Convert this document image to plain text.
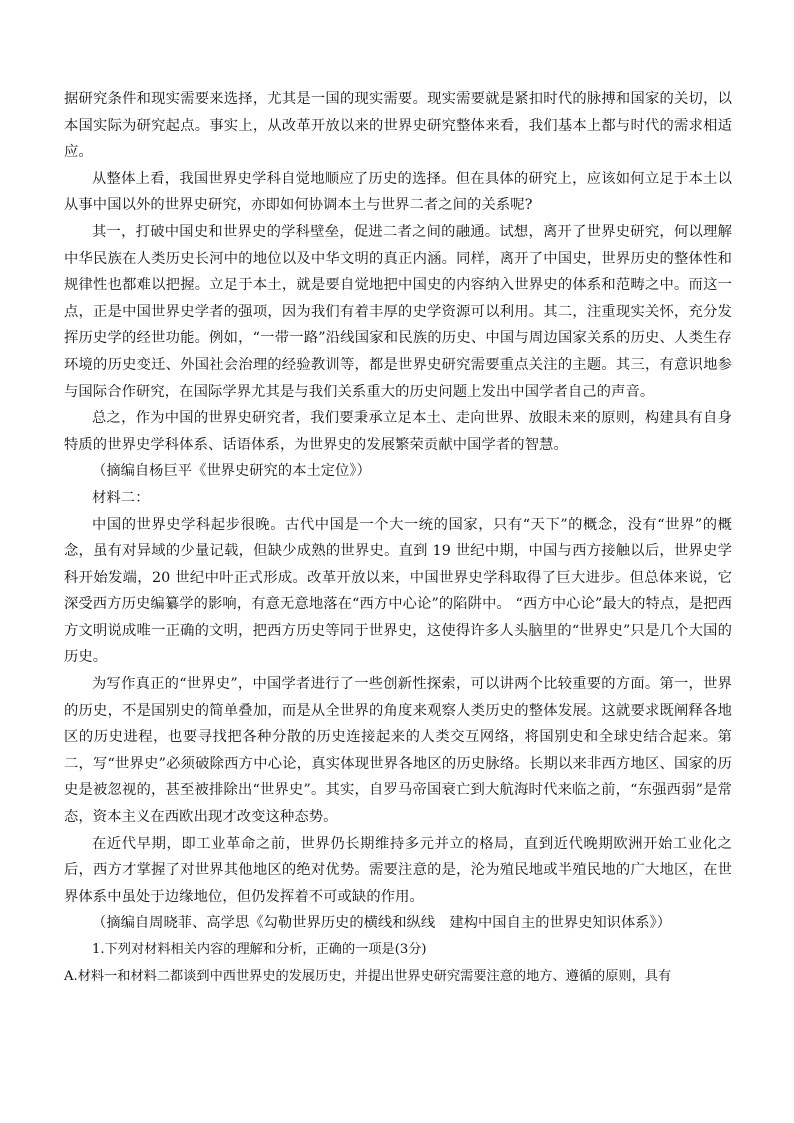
据研究条件和现实需要来选择，尤其是一国的现实需要。现实需要就是紧扣时代的脉搏和国家的关切，以本国实际为研究起点。事实上，从改革开放以来的世界史研究整体来看，我们基本上都与时代的需求相适应。

从整体上看，我国世界史学科自觉地顺应了历史的选择。但在具体的研究上，应该如何立足于本土以从事中国以外的世界史研究，亦即如何协调本土与世界二者之间的关系呢?

其一，打破中国史和世界史的学科壁垒，促进二者之间的融通。试想，离开了世界史研究，何以理解中华民族在人类历史长河中的地位以及中华文明的真正内涵。同样，离开了中国史，世界历史的整体性和规律性也都难以把握。立足于本土，就是要自觉地把中国史的内容纳入世界史的体系和范畴之中。而这一点，正是中国世界史学者的强项，因为我们有着丰厚的史学资源可以利用。其二，注重现实关怀，充分发挥历史学的经世功能。例如，“一带一路”沿线国家和民族的历史、中国与周边国家关系的历史、人类生存环境的历史变迁、外国社会治理的经验教训等，都是世界史研究需要重点关注的主题。其三，有意识地参与国际合作研究，在国际学界尤其是与我们关系重大的历史问题上发出中国学者自己的声音。

总之，作为中国的世界史研究者，我们要秉承立足本土、走向世界、放眼未来的原则，构建具有自身特质的世界史学科体系、话语体系，为世界史的发展繁荣贡献中国学者的智慧。

（摘编自杨巨平《世界史研究的本土定位》）

材料二：

中国的世界史学科起步很晚。古代中国是一个大一统的国家，只有“天下”的概念，没有“世界”的概念，虽有对异域的少量记载，但缺少成熟的世界史。直到 19 世纪中期，中国与西方接触以后，世界史学科开始发端，20 世纪中叶正式形成。改革开放以来，中国世界史学科取得了巨大进步。但总体来说，它深受西方历史编纂学的影响，有意无意地落在“西方中心论”的陷阱中。 “西方中心论”最大的特点，是把西方文明说成唯一正确的文明，把西方历史等同于世界史，这使得许多人头脑里的“世界史”只是几个大国的历史。

为写作真正的“世界史”，中国学者进行了一些创新性探索，可以讲两个比较重要的方面。第一，世界的历史，不是国别史的简单叠加，而是从全世界的角度来观察人类历史的整体发展。这就要求既阐释各地区的历史进程，也要寻找把各种分散的历史连接起来的人类交互网络，将国别史和全球史结合起来。第二，写“世界史”必须破除西方中心论，真实体现世界各地区的历史脉络。长期以来非西方地区、国家的历史是被忽视的，甚至被排除出“世界史”。其实，自罗马帝国衰亡到大航海时代来临之前，“东强西弱”是常态，资本主义在西欧出现才改变这种态势。

在近代早期，即工业革命之前，世界仍长期维持多元并立的格局，直到近代晚期欧洲开始工业化之后，西方才掌握了对世界其他地区的绝对优势。需要注意的是，沦为殖民地或半殖民地的广大地区，在世界体系中虽处于边缘地位，但仍发挥着不可或缺的作用。

（摘编自周晓菲、高学思《勾勒世界历史的横线和纵线　建构中国自主的世界史知识体系》）

1.下列对材料相关内容的理解和分析，正确的一项是(3分)

A.材料一和材料二都谈到中西世界史的发展历史，并提出世界史研究需要注意的地方、遵循的原则，具有
